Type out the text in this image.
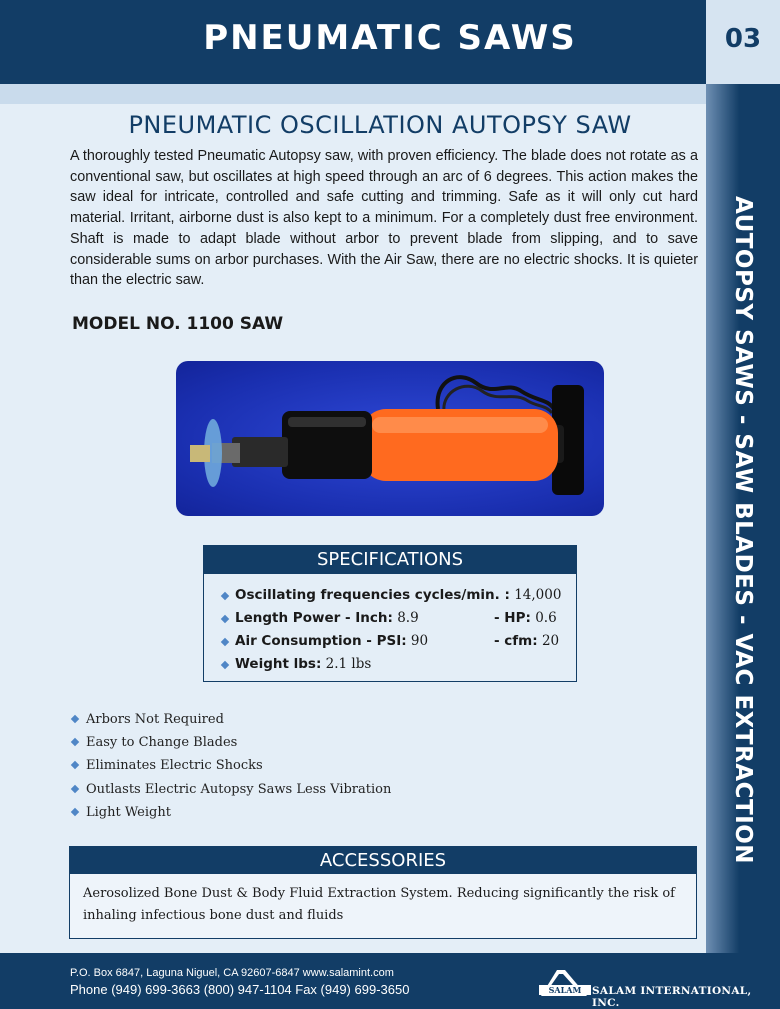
PNEUMATIC SAWS	03
AUTOPSY SAWS - SAW BLADES - VAC EXTRACTION
PNEUMATIC OSCILLATION AUTOPSY SAW

A thoroughly tested Pneumatic Autopsy saw, with proven efficiency. The blade does not rotate as a conventional saw, but oscillates at high speed through an arc of 6 degrees. This action makes the saw ideal for intricate, controlled and safe cutting and trimming. Safe as it will only cut hard material. Irritant, airborne dust is also kept to a minimum. For a completely dust free environment. Shaft is made to adapt blade without arbor to prevent blade from slipping, and to save considerable sums on arbor purchases. With the Air Saw, there are no electric shocks. It is quieter than the electric saw.

MODEL NO. 1100 SAW
SPECIFICATIONS
Oscillating frequencies cycles/min. : 14,000
Length Power - Inch: 8.9	- HP: 0.6
Air Consumption - PSI: 90	- cfm: 20
Weight lbs: 2.1 lbs
Arbors Not Required
Easy to Change Blades
Eliminates Electric Shocks
Outlasts Electric Autopsy Saws Less Vibration
Light Weight
ACCESSORIES

Aerosolized Bone Dust & Body Fluid Extraction System. Reducing significantly the risk of inhaling infectious bone dust and fluids

P.O. Box 6847, Laguna Niguel, CA 92607-6847 www.salamint.com
Phone (949) 699-3663 (800) 947-1104 Fax (949) 699-3650	SALAM SALAM INTERNATIONAL, INC.
